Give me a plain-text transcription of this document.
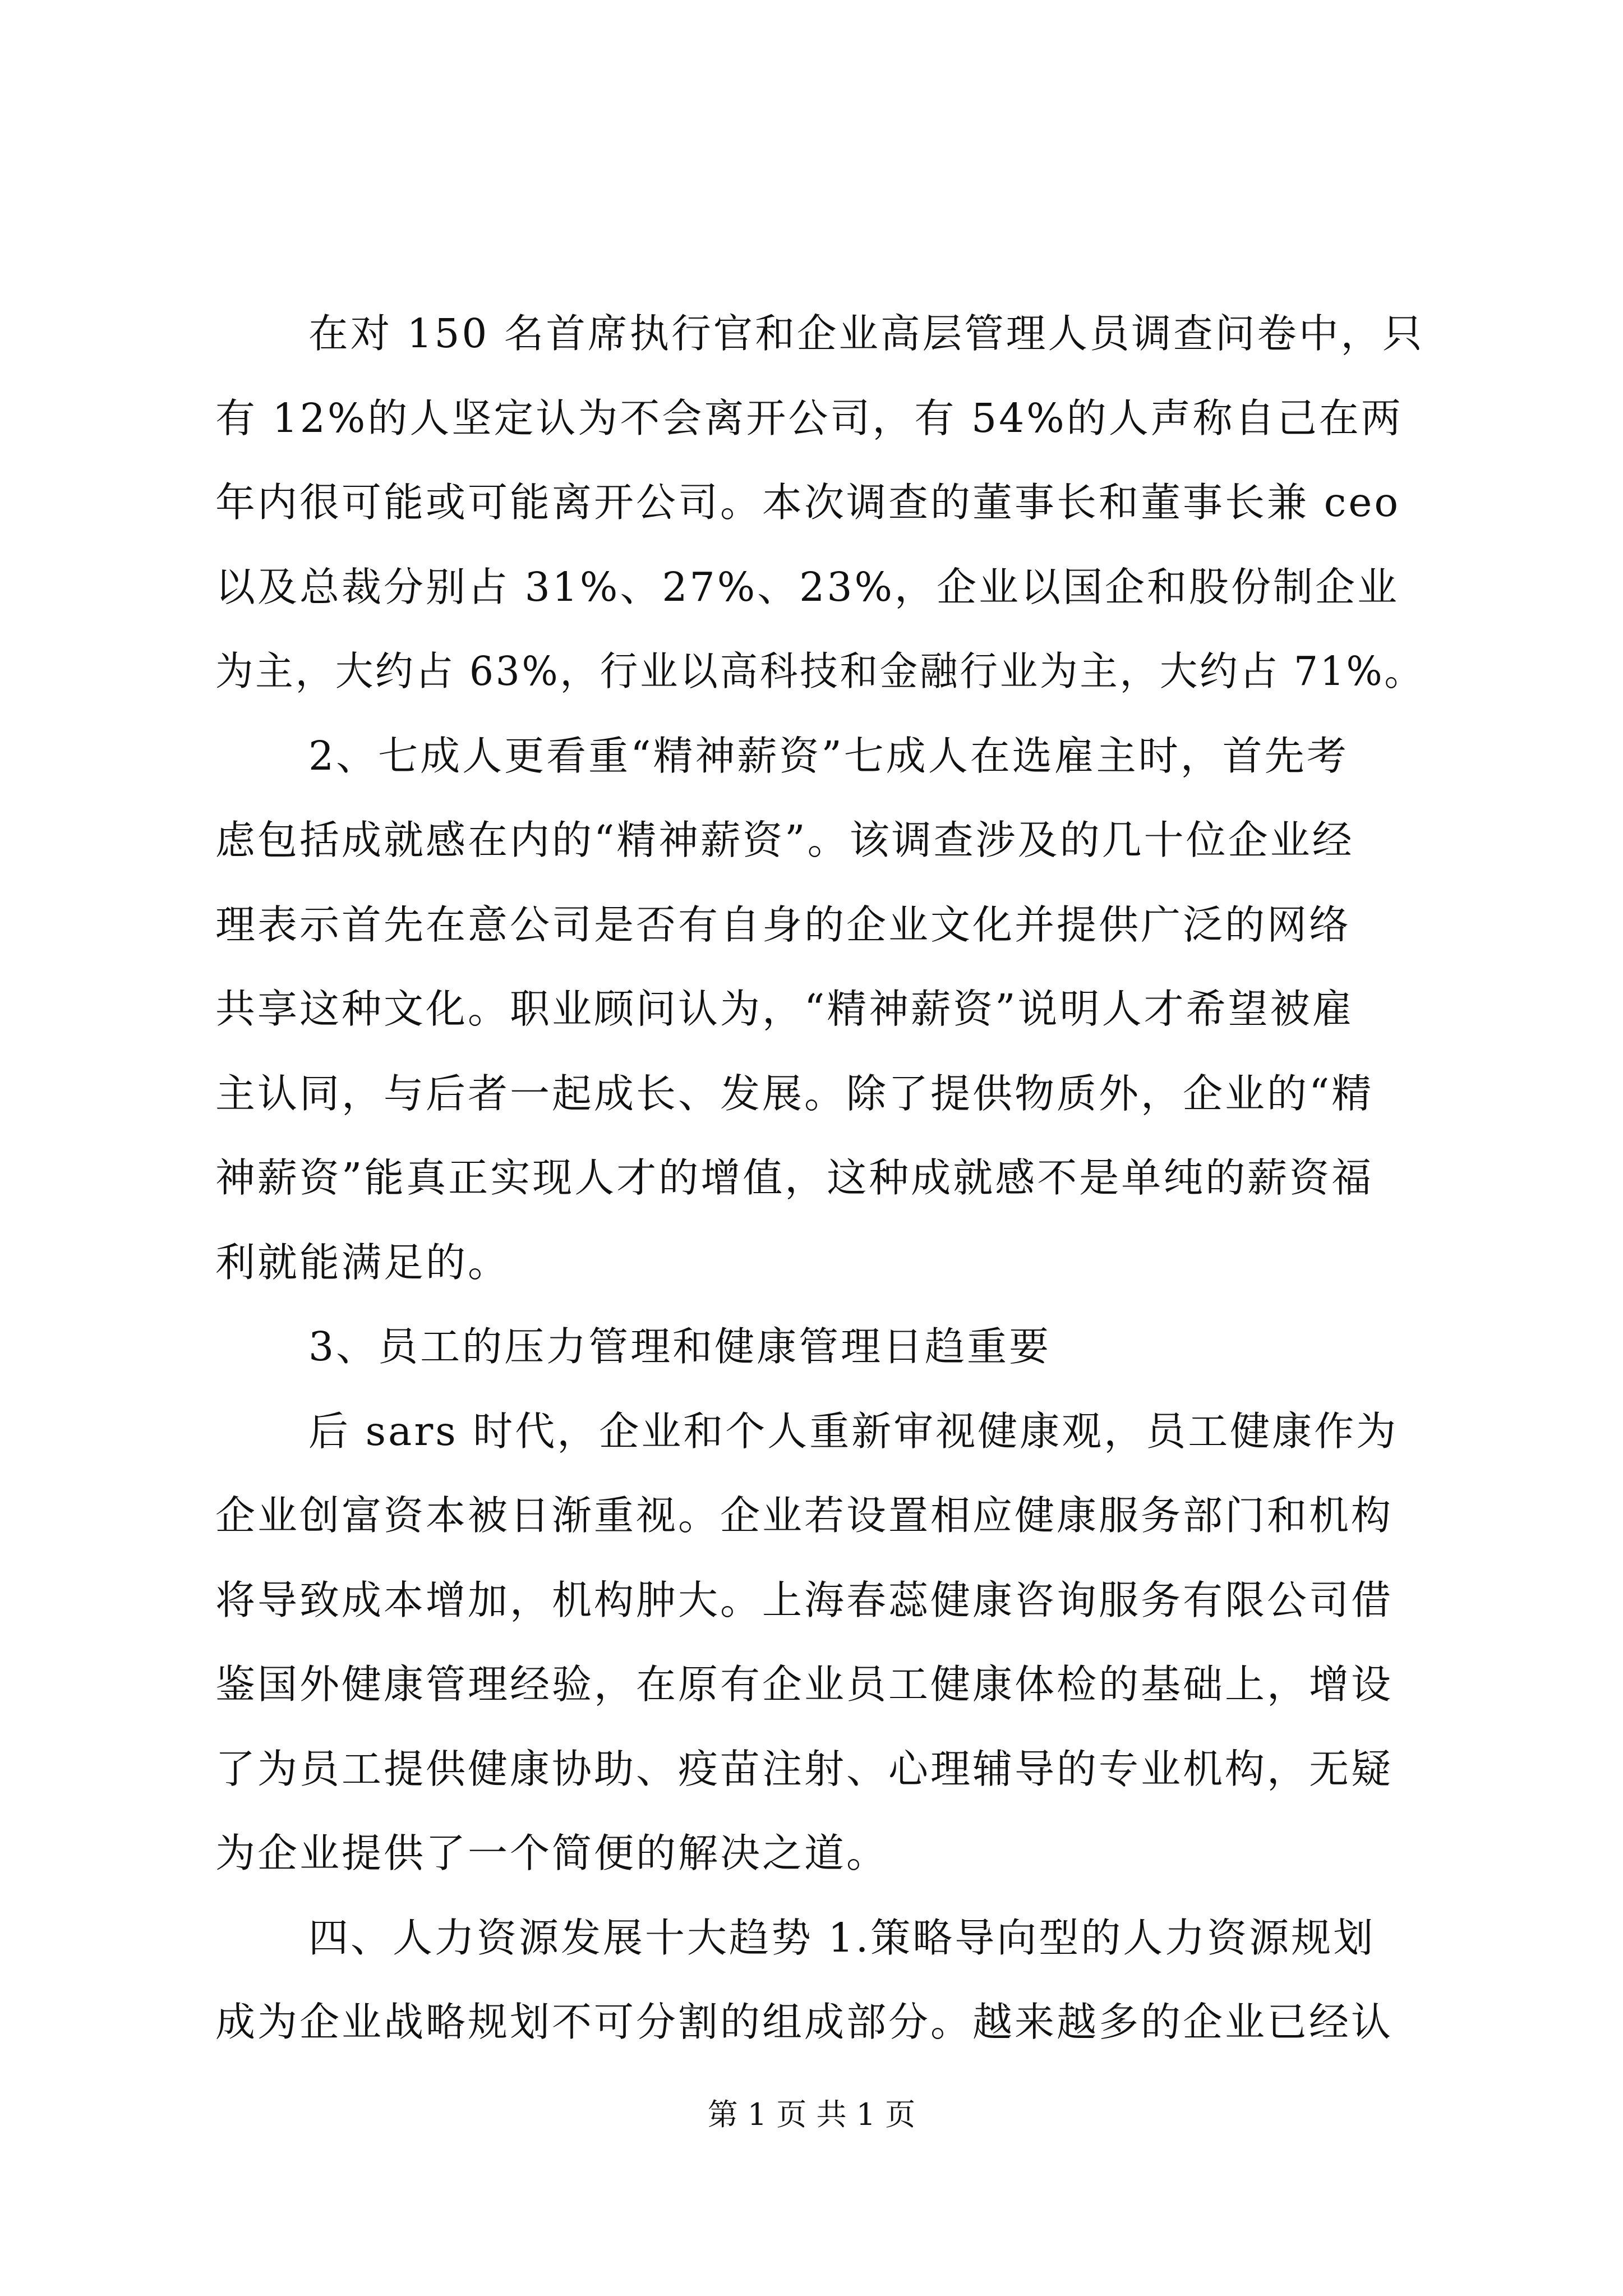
在对 150 名首席执行官和企业高层管理人员调查问卷中，只
有 12%的人坚定认为不会离开公司，有 54%的人声称自己在两
年内很可能或可能离开公司。本次调查的董事长和董事长兼 ceo
以及总裁分别占 31%、27%、23%，企业以国企和股份制企业
为主，大约占 63%，行业以高科技和金融行业为主，大约占 71%。
2、七成人更看重“精神薪资”七成人在选雇主时，首先考
虑包括成就感在内的“精神薪资”。该调查涉及的几十位企业经
理表示首先在意公司是否有自身的企业文化并提供广泛的网络
共享这种文化。职业顾问认为，“精神薪资”说明人才希望被雇
主认同，与后者一起成长、发展。除了提供物质外，企业的“精
神薪资”能真正实现人才的增值，这种成就感不是单纯的薪资福
利就能满足的。
3、员工的压力管理和健康管理日趋重要
后 sars 时代，企业和个人重新审视健康观，员工健康作为
企业创富资本被日渐重视。企业若设置相应健康服务部门和机构
将导致成本增加，机构肿大。上海春蕊健康咨询服务有限公司借
鉴国外健康管理经验，在原有企业员工健康体检的基础上，增设
了为员工提供健康协助、疫苗注射、心理辅导的专业机构，无疑
为企业提供了一个简便的解决之道。
四、人力资源发展十大趋势 1.策略导向型的人力资源规划
成为企业战略规划不可分割的组成部分。越来越多的企业已经认
第 1 页 共 1 页
